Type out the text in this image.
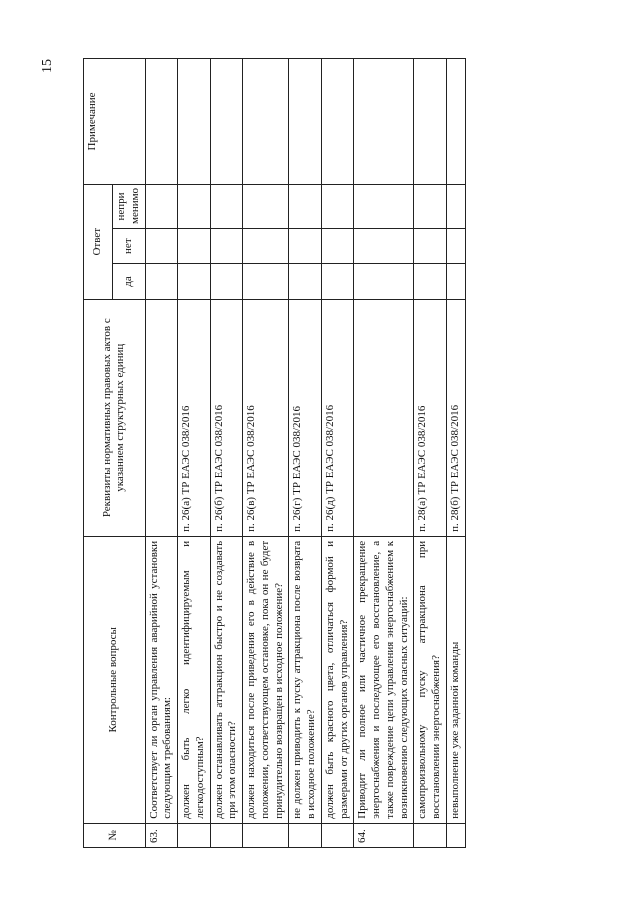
15
№	Контрольные вопросы	Реквизиты нормативных правовых актов с указанием структурных единиц	Ответ			Примечание
			да	нет	непри менимо	
63.	Соответствует ли орган управления аварийной установки следующим требованиям:					
	должен быть легко идентифицируемым и легкодоступным?	п. 26(а) ТР ЕАЭС 038/2016				
	должен останавливать аттракцион быстро и не создавать при этом опасности?	п. 26(б) ТР ЕАЭС 038/2016				
	должен находиться после приведения его в действие в положении, соответствующем остановке, пока он не будет принудительно возвращен в исходное положение?	п. 26(в) ТР ЕАЭС 038/2016				
	не должен приводить к пуску аттракциона после возврата в исходное положение?	п. 26(г) ТР ЕАЭС 038/2016				
	должен быть красного цвета, отличаться формой и размерами от других органов управления?	п. 26(д) ТР ЕАЭС 038/2016				
64.	Приводит ли полное или частичное прекращение энергоснабжения и последующее его восстановление, а также повреждение цепи управления энергоснабжением к возникновению следующих опасных ситуаций:					
	самопроизвольному пуску аттракциона при восстановлении энергоснабжения?	п. 28(а) ТР ЕАЭС 038/2016				
	невыполнение уже заданной команды	п. 28(б) ТР ЕАЭС 038/2016				
